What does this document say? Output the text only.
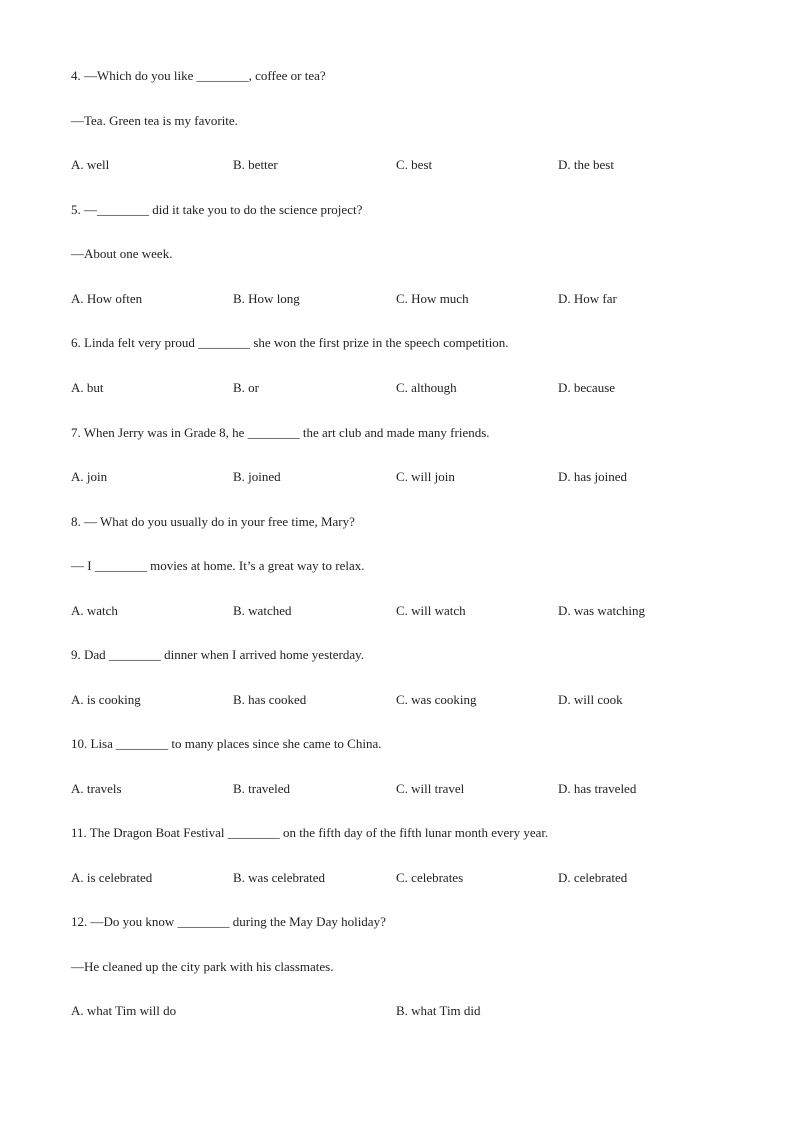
4. —Which do you like ________, coffee or tea?
—Tea. Green tea is my favorite.
A. well	B. better	C. best	D. the best
5. —________ did it take you to do the science project?
—About one week.
A. How often	B. How long	C. How much	D. How far
6. Linda felt very proud ________ she won the first prize in the speech competition.
A. but	B. or	C. although	D. because
7. When Jerry was in Grade 8, he ________ the art club and made many friends.
A. join	B. joined	C. will join	D. has joined
8. — What do you usually do in your free time, Mary?
— I ________ movies at home. It’s a great way to relax.
A. watch	B. watched	C. will watch	D. was watching
9. Dad ________ dinner when I arrived home yesterday.
A. is cooking	B. has cooked	C. was cooking	D. will cook
10. Lisa ________ to many places since she came to China.
A. travels	B. traveled	C. will travel	D. has traveled
11. The Dragon Boat Festival ________ on the fifth day of the fifth lunar month every year.
A. is celebrated	B. was celebrated	C. celebrates	D. celebrated
12. —Do you know ________ during the May Day holiday?
—He cleaned up the city park with his classmates.
A. what Tim will do	B. what Tim did
